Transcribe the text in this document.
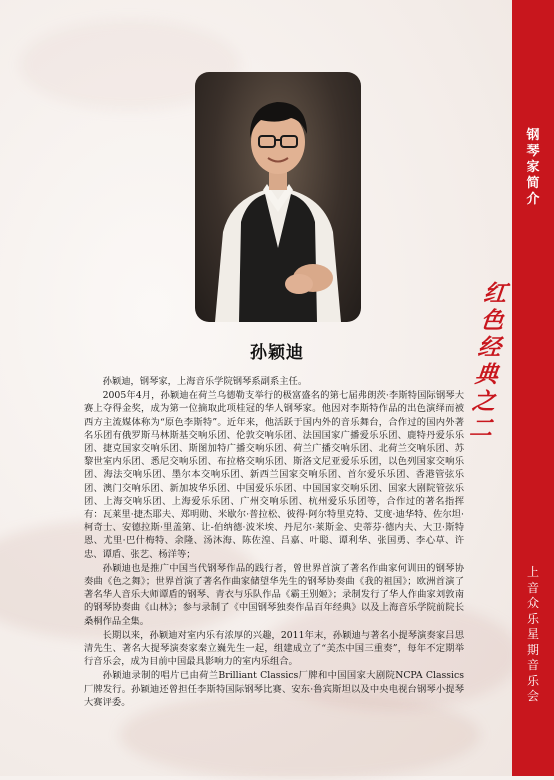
钢
琴
家
简
介
上
音
众
乐
星
期
音
乐
会
红
色
经
典
之
二
孙颖迪

孙颖迪，钢琴家，上海音乐学院钢琴系副系主任。

2005年4月，孙颖迪在荷兰乌德勒支举行的极富盛名的第七届弗朗茨·李斯特国际钢琴大赛上夺得金奖，成为第一位摘取此项桂冠的华人钢琴家。他因对李斯特作品的出色演绎而被西方主流媒体称为“原色李斯特”。近年来，他活跃于国内外的音乐舞台，合作过的国内外著名乐团有俄罗斯马林斯基交响乐团、伦敦交响乐团、法国国家广播爱乐乐团、鹿特丹爱乐乐团、捷克国家交响乐团、斯图加特广播交响乐团、荷兰广播交响乐团、北荷兰交响乐团、苏黎世室内乐团、悉尼交响乐团、布拉格交响乐团、斯洛文尼亚爱乐乐团，以色列国家交响乐团、海法交响乐团、墨尔本交响乐团、新西兰国家交响乐团、首尔爱乐乐团、香港管弦乐团、澳门交响乐团、新加坡华乐团、中国爱乐乐团、中国国家交响乐团、国家大剧院管弦乐团、上海交响乐团、上海爱乐乐团、广州交响乐团、杭州爱乐乐团等，合作过的著名指挥有：瓦莱里·捷杰耶夫、郑明勋、米歇尔·普拉松、彼得·阿尔特里克特、艾度·迪华特、佐尔坦·柯奇士、安德拉斯·里盖第、让-伯纳德·波米埃、丹尼尔·莱斯金、史蒂芬·德内夫、大卫·斯特恩、尤里·巴什梅特、余隆、汤沐海、陈佐湟、吕嘉、叶聪、谭利华、张国勇、李心草、许忠、谭盾、张艺、杨洋等；

孙颖迪也是推广中国当代钢琴作品的践行者，曾世界首演了著名作曲家何训田的钢琴协奏曲《色之舞》；世界首演了著名作曲家储望华先生的钢琴协奏曲《我的祖国》；欧洲首演了著名华人音乐大师谭盾的钢琴、青衣与乐队作品《霸王别姬》；录制发行了华人作曲家刘敦南的钢琴协奏曲《山林》；参与录制了《中国钢琴独奏作品百年经典》以及上海音乐学院前院长桑桐作品全集。

长期以来，孙颖迪对室内乐有浓厚的兴趣，2011年末，孙颖迪与著名小提琴演奏家吕思清先生、著名大提琴演奏家秦立巍先生一起，组建成立了“美杰中国三重奏”，每年不定期举行音乐会，成为目前中国最具影响力的室内乐组合。

孙颖迪录制的唱片已由荷兰Brilliant Classics厂牌和中国国家大剧院NCPA Classics厂牌发行。孙颖迪还曾担任李斯特国际钢琴比赛、安东·鲁宾斯坦以及中央电视台钢琴小提琴大赛评委。
